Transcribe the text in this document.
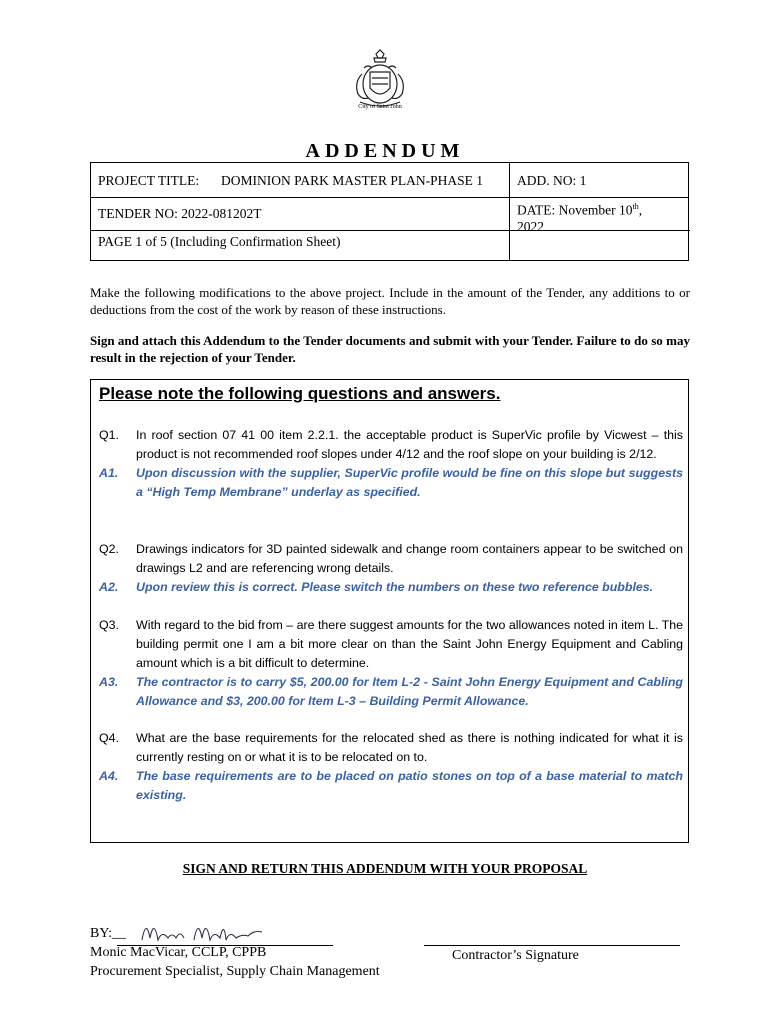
City of Saint John
ADDENDUM
PROJECT TITLE: DOMINION PARK MASTER PLAN-PHASE 1	ADD. NO: 1
TENDER NO: 2022-081202T	DATE: November 10th,
2022
PAGE 1 of 5 (Including Confirmation Sheet)
Make the following modifications to the above project. Include in the amount of the Tender, any additions to or deductions from the cost of the work by reason of these instructions.
Sign and attach this Addendum to the Tender documents and submit with your Tender. Failure to do so may result in the rejection of your Tender.
Please note the following questions and answers.
Q1. In roof section 07 41 00 item 2.2.1. the acceptable product is SuperVic profile by Vicwest – this product is not recommended roof slopes under 4/12 and the roof slope on your building is 2/12.
A1. Upon discussion with the supplier, SuperVic profile would be fine on this slope but suggests a “High Temp Membrane” underlay as specified.
Q2. Drawings indicators for 3D painted sidewalk and change room containers appear to be switched on drawings L2 and are referencing wrong details.
A2. Upon review this is correct. Please switch the numbers on these two reference bubbles.
Q3. With regard to the bid from – are there suggest amounts for the two allowances noted in item L. The building permit one I am a bit more clear on than the Saint John Energy Equipment and Cabling amount which is a bit difficult to determine.
A3. The contractor is to carry $5, 200.00 for Item L-2 - Saint John Energy Equipment and Cabling Allowance and $3, 200.00 for Item L-3 – Building Permit Allowance.
Q4. What are the base requirements for the relocated shed as there is nothing indicated for what it is currently resting on or what it is to be relocated on to.
A4. The base requirements are to be placed on patio stones on top of a base material to match existing.
SIGN AND RETURN THIS ADDENDUM WITH YOUR PROPOSAL
BY:__
Monic MacVicar, CCLP, CPPB
Procurement Specialist, Supply Chain Management
Contractor’s Signature
